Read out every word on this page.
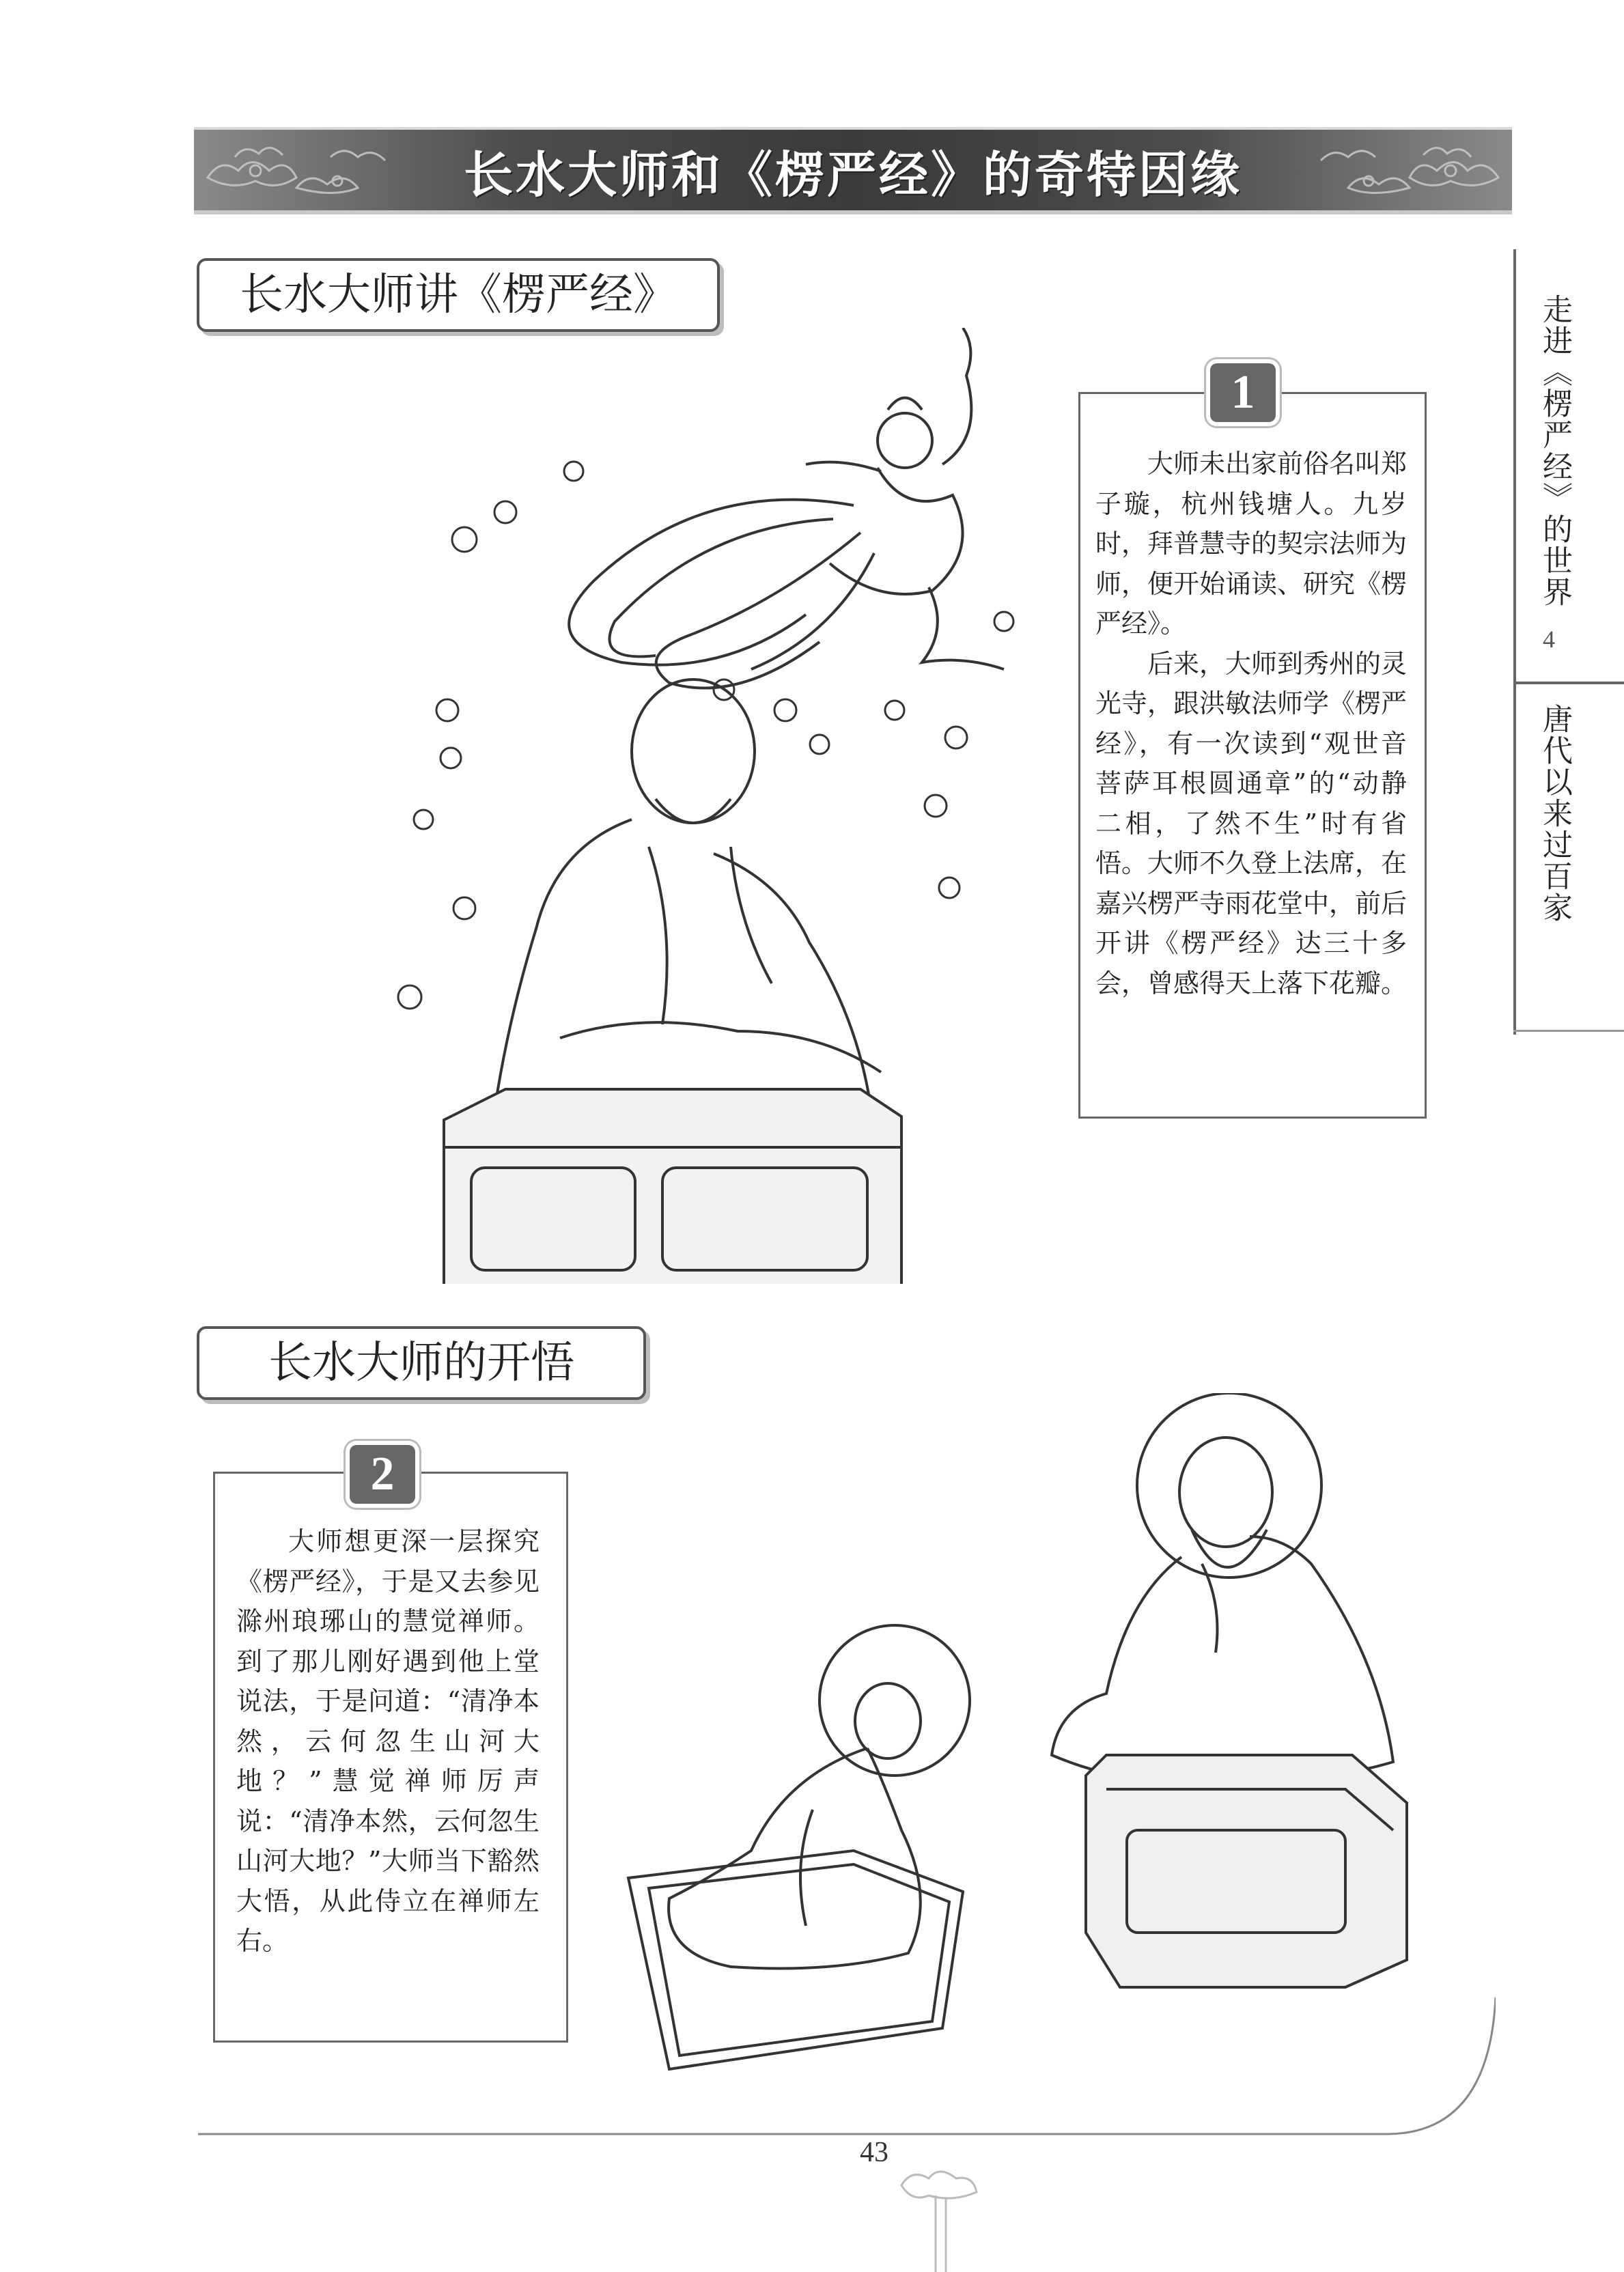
长水大师和《楞严经》的奇特因缘
走进《楞严经》的世界
4
唐代以来过百家
长水大师讲《楞严经》
1

大师未出家前俗名叫郑子璇，杭州钱塘人。九岁时，拜普慧寺的契宗法师为师，便开始诵读、研究《楞严经》。

后来，大师到秀州的灵光寺，跟洪敏法师学《楞严经》，有一次读到“观世音菩萨耳根圆通章”的“动静二相，了然不生”时有省悟。大师不久登上法席，在嘉兴楞严寺雨花堂中，前后开讲《楞严经》达三十多会，曾感得天上落下花瓣。

长水大师的开悟
2

大师想更深一层探究《楞严经》，于是又去参见滁州琅琊山的慧觉禅师。到了那儿刚好遇到他上堂说法，于是问道：“清净本然，云何忽生山河大地？”慧觉禅师厉声说：“清净本然，云何忽生山河大地？”大师当下豁然大悟，从此侍立在禅师左右。

43
